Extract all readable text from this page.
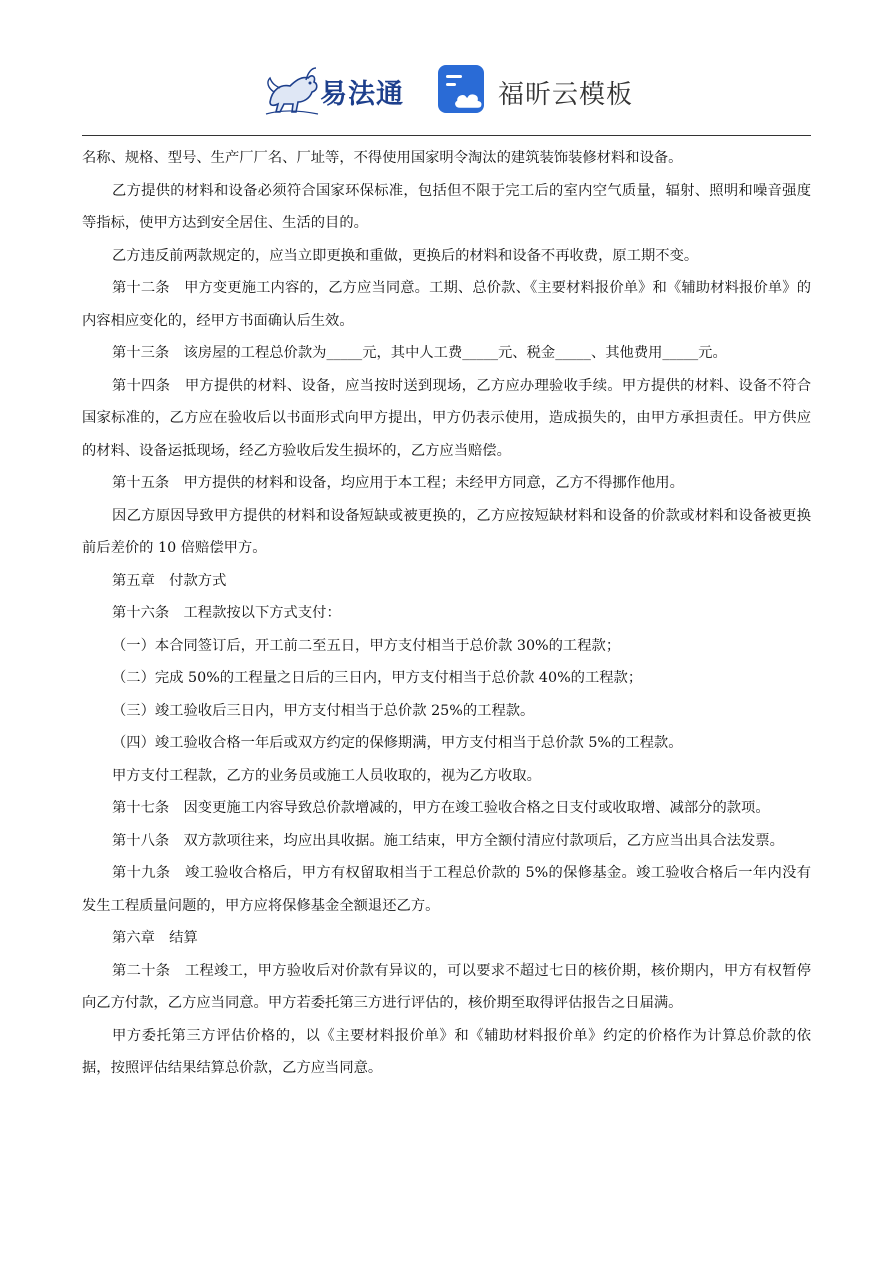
易法通	福昕云模板

名称、规格、型号、生产厂厂名、厂址等，不得使用国家明令淘汰的建筑装饰装修材料和设备。

乙方提供的材料和设备必须符合国家环保标准，包括但不限于完工后的室内空气质量，辐射、照明和噪音强度等指标，使甲方达到安全居住、生活的目的。

乙方违反前两款规定的，应当立即更换和重做，更换后的材料和设备不再收费，原工期不变。

第十二条　甲方变更施工内容的，乙方应当同意。工期、总价款、《主要材料报价单》和《辅助材料报价单》的内容相应变化的，经甲方书面确认后生效。

第十三条　该房屋的工程总价款为_____元，其中人工费_____元、税金_____、其他费用_____元。

第十四条　甲方提供的材料、设备，应当按时送到现场，乙方应办理验收手续。甲方提供的材料、设备不符合国家标准的，乙方应在验收后以书面形式向甲方提出，甲方仍表示使用，造成损失的，由甲方承担责任。甲方供应的材料、设备运抵现场，经乙方验收后发生损坏的，乙方应当赔偿。

第十五条　甲方提供的材料和设备，均应用于本工程；未经甲方同意，乙方不得挪作他用。

因乙方原因导致甲方提供的材料和设备短缺或被更换的，乙方应按短缺材料和设备的价款或材料和设备被更换前后差价的 10 倍赔偿甲方。

第五章　付款方式

第十六条　工程款按以下方式支付：

（一）本合同签订后，开工前二至五日，甲方支付相当于总价款 30%的工程款；

（二）完成 50%的工程量之日后的三日内，甲方支付相当于总价款 40%的工程款；

（三）竣工验收后三日内，甲方支付相当于总价款 25%的工程款。

（四）竣工验收合格一年后或双方约定的保修期满，甲方支付相当于总价款 5%的工程款。

甲方支付工程款，乙方的业务员或施工人员收取的，视为乙方收取。

第十七条　因变更施工内容导致总价款增减的，甲方在竣工验收合格之日支付或收取增、减部分的款项。

第十八条　双方款项往来，均应出具收据。施工结束，甲方全额付清应付款项后，乙方应当出具合法发票。

第十九条　竣工验收合格后，甲方有权留取相当于工程总价款的 5%的保修基金。竣工验收合格后一年内没有发生工程质量问题的，甲方应将保修基金全额退还乙方。

第六章　结算

第二十条　工程竣工，甲方验收后对价款有异议的，可以要求不超过七日的核价期，核价期内，甲方有权暂停向乙方付款，乙方应当同意。甲方若委托第三方进行评估的，核价期至取得评估报告之日届满。

甲方委托第三方评估价格的，以《主要材料报价单》和《辅助材料报价单》约定的价格作为计算总价款的依据，按照评估结果结算总价款，乙方应当同意。
